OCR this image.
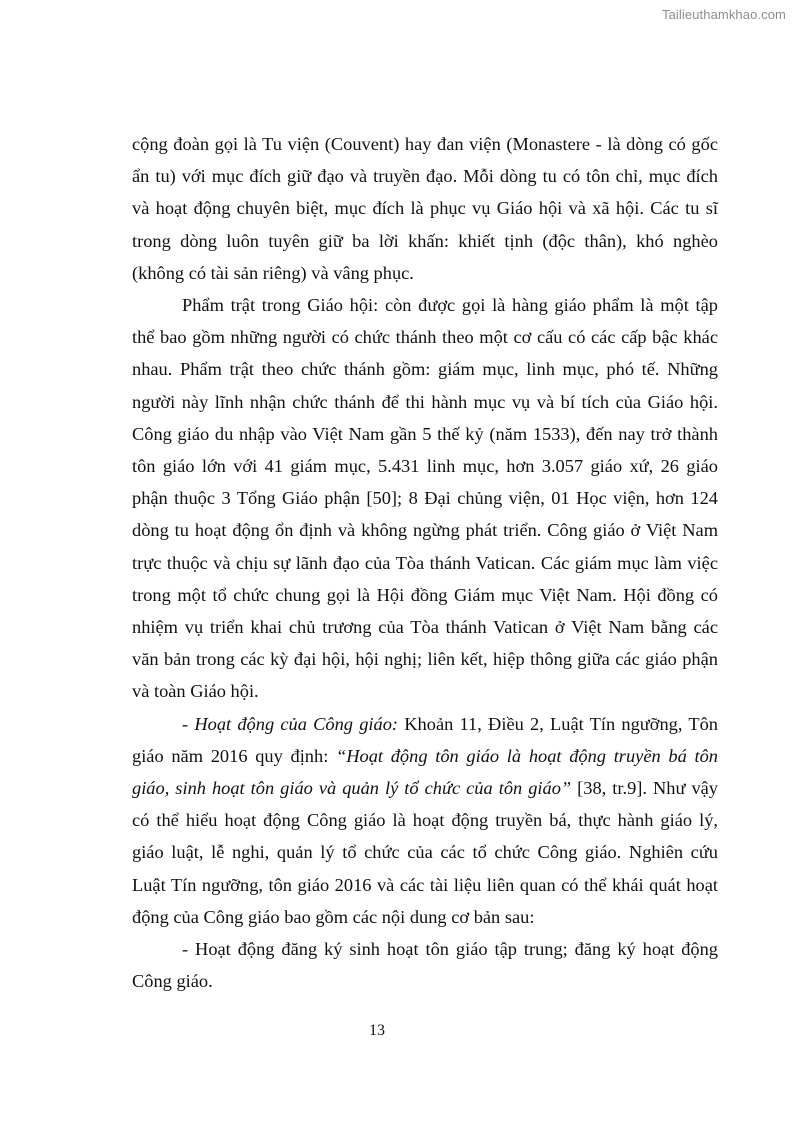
Tailieuthamkhao.com
cộng đoàn gọi là Tu viện (Couvent) hay đan viện (Monastere - là dòng có gốc
ẩn tu) với mục đích giữ đạo và truyền đạo. Mỗi dòng tu có tôn chỉ, mục đích
và hoạt động chuyên biệt, mục đích là phục vụ Giáo hội và xã hội. Các tu sĩ
trong dòng luôn tuyên giữ ba lời khấn: khiết tịnh (độc thân), khó nghèo
(không có tài sản riêng) và vâng phục.
Phẩm trật trong Giáo hội: còn được gọi là hàng giáo phẩm là một tập
thể bao gồm những người có chức thánh theo một cơ cấu có các cấp bậc khác
nhau. Phẩm trật theo chức thánh gồm: giám mục, linh mục, phó tế. Những
người này lĩnh nhận chức thánh để thi hành mục vụ và bí tích của Giáo hội.
Công giáo du nhập vào Việt Nam gần 5 thế kỷ (năm 1533), đến nay trở thành
tôn giáo lớn với 41 giám mục, 5.431 linh mục, hơn 3.057 giáo xứ, 26 giáo
phận thuộc 3 Tổng Giáo phận [50]; 8 Đại chủng viện, 01 Học viện, hơn 124
dòng tu hoạt động ổn định và không ngừng phát triển. Công giáo ở Việt Nam
trực thuộc và chịu sự lãnh đạo của Tòa thánh Vatican. Các giám mục làm việc
trong một tổ chức chung gọi là Hội đồng Giám mục Việt Nam. Hội đồng có
nhiệm vụ triển khai chủ trương của Tòa thánh Vatican ở Việt Nam bằng các
văn bản trong các kỳ đại hội, hội nghị; liên kết, hiệp thông giữa các giáo phận
và toàn Giáo hội.
- Hoạt động của Công giáo: Khoản 11, Điều 2, Luật Tín ngưỡng, Tôn
giáo năm 2016 quy định: “Hoạt động tôn giáo là hoạt động truyền bá tôn
giáo, sinh hoạt tôn giáo và quản lý tổ chức của tôn giáo” [38, tr.9]. Như vậy
có thể hiểu hoạt động Công giáo là hoạt động truyền bá, thực hành giáo lý,
giáo luật, lễ nghi, quản lý tổ chức của các tổ chức Công giáo. Nghiên cứu
Luật Tín ngưỡng, tôn giáo 2016 và các tài liệu liên quan có thể khái quát hoạt
động của Công giáo bao gồm các nội dung cơ bản sau:
- Hoạt động đăng ký sinh hoạt tôn giáo tập trung; đăng ký hoạt động
Công giáo.
13
